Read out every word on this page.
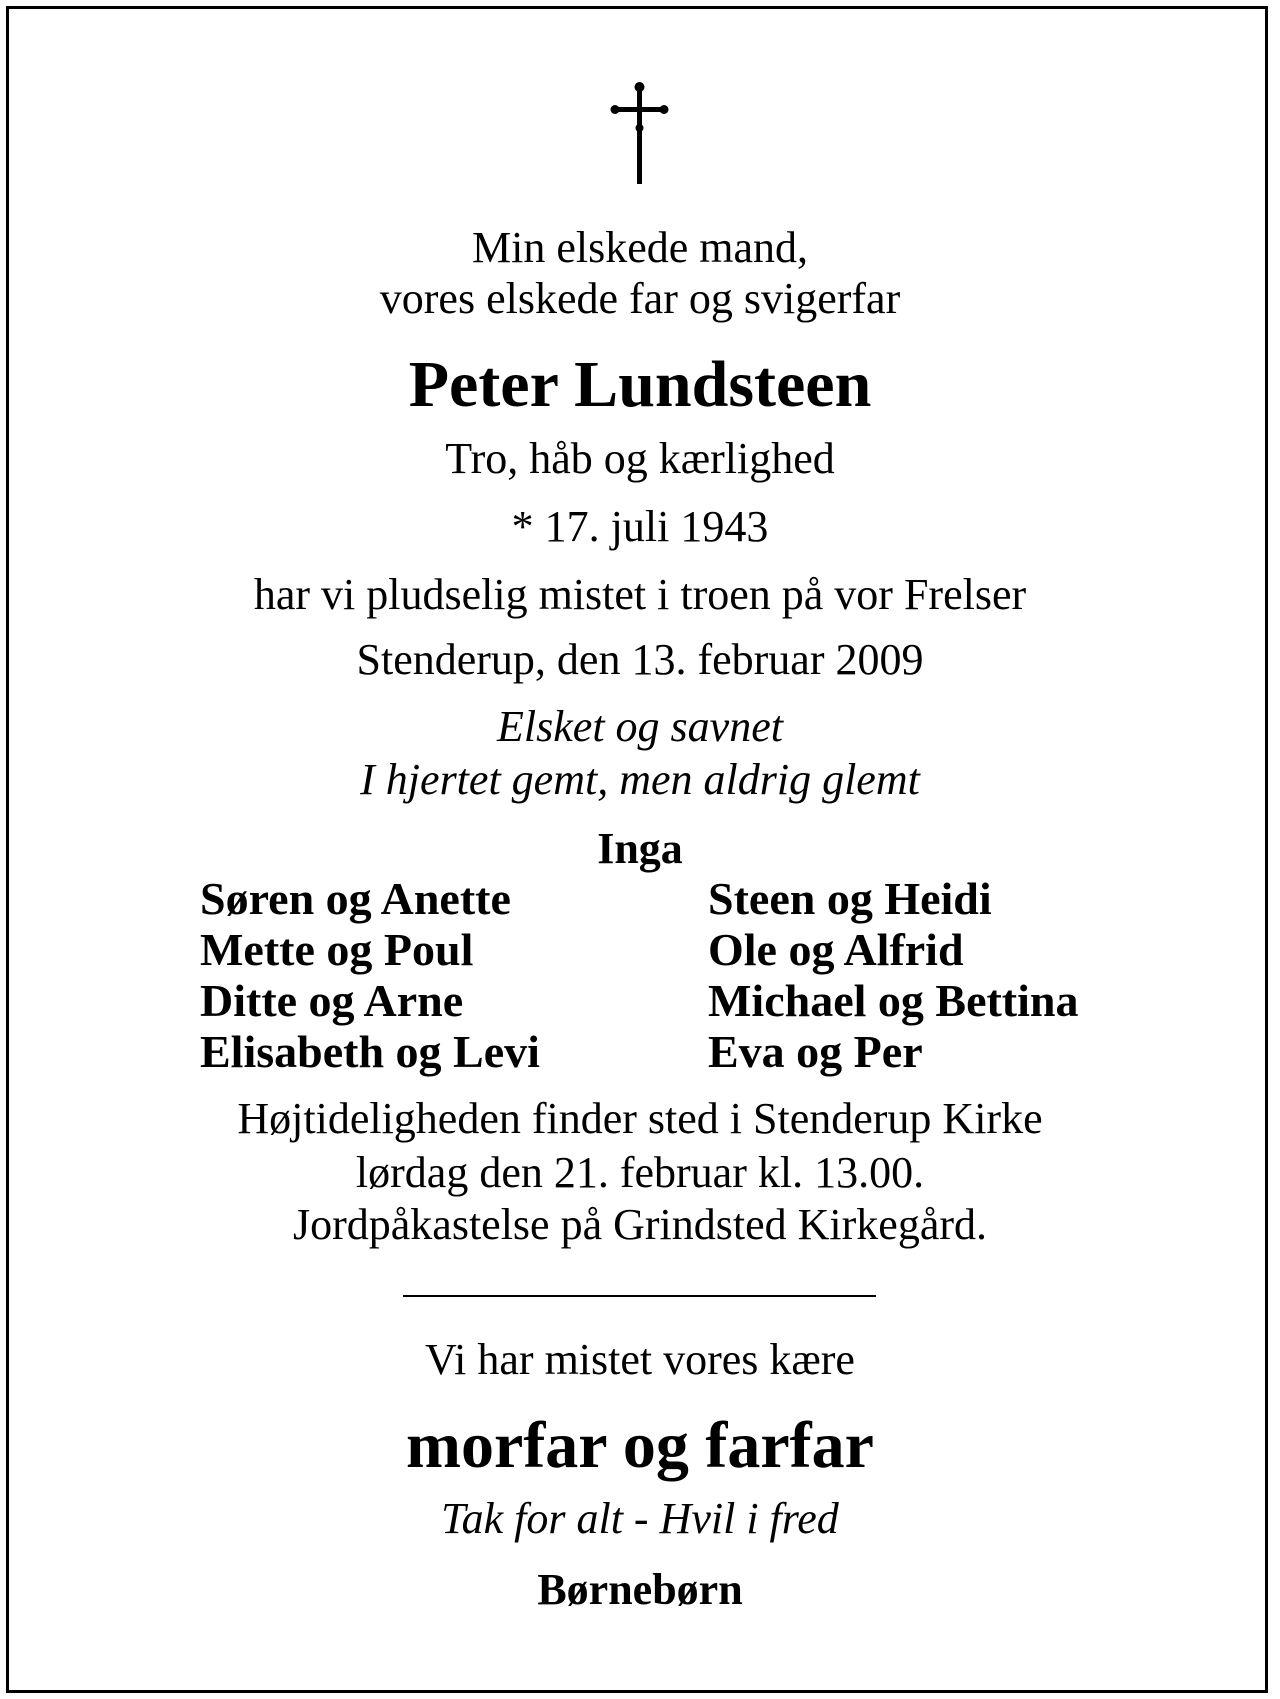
Min elskede mand,
vores elskede far og svigerfar
Peter Lundsteen
Tro, håb og kærlighed
* 17. juli 1943
har vi pludselig mistet i troen på vor Frelser
Stenderup, den 13. februar 2009
Elsket og savnet
I hjertet gemt, men aldrig glemt
Inga
Søren og Anette
Mette og Poul
Ditte og Arne
Elisabeth og Levi
Steen og Heidi
Ole og Alfrid
Michael og Bettina
Eva og Per
Højtideligheden finder sted i Stenderup Kirke
lørdag den 21. februar kl. 13.00.
Jordpåkastelse på Grindsted Kirkegård.
Vi har mistet vores kære
morfar og farfar
Tak for alt - Hvil i fred
Børnebørn
